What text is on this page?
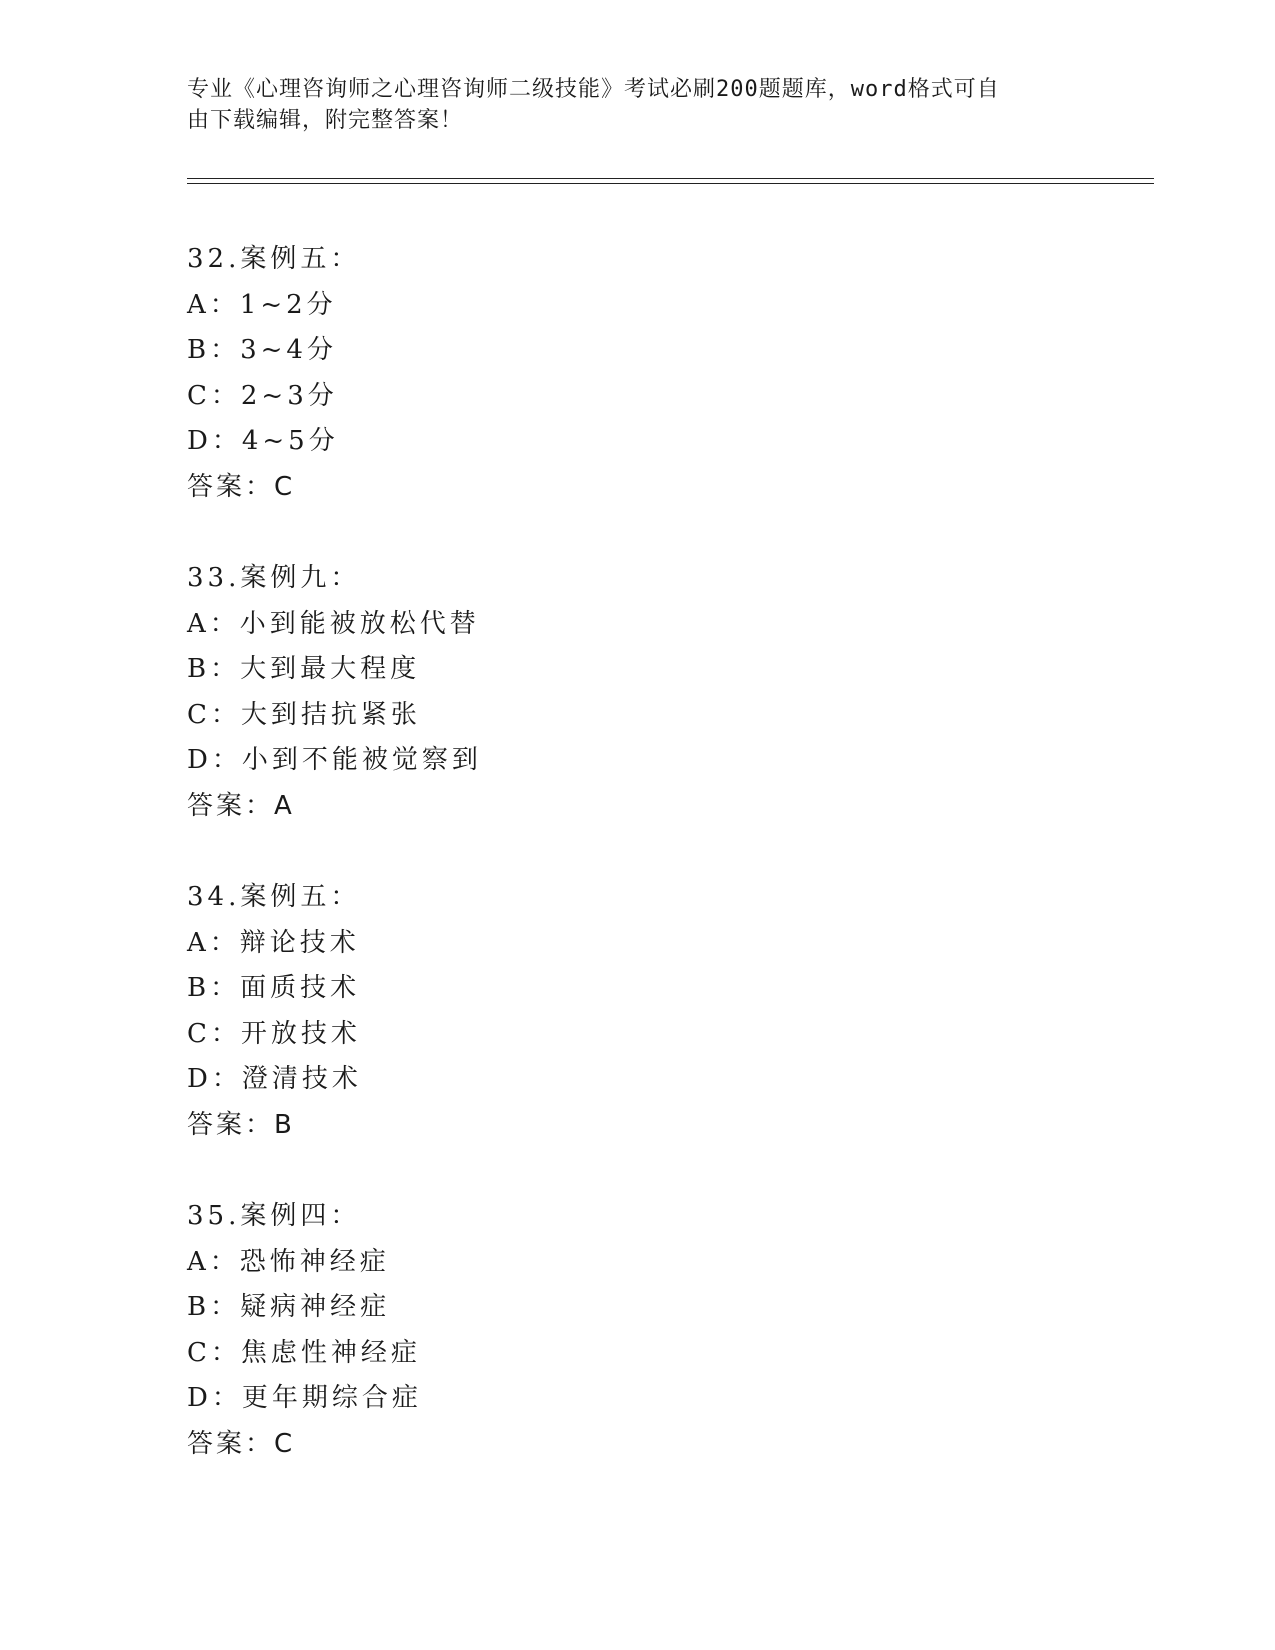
专业《心理咨询师之心理咨询师二级技能》考试必刷200题题库，word格式可自
由下载编辑，附完整答案！
32.案例五：
A：1~2分
B：3~4分
C：2~3分
D：4~5分
答案：C
33.案例九：
A：小到能被放松代替
B：大到最大程度
C：大到拮抗紧张
D：小到不能被觉察到
答案：A
34.案例五：
A：辩论技术
B：面质技术
C：开放技术
D：澄清技术
答案：B
35.案例四：
A：恐怖神经症
B：疑病神经症
C：焦虑性神经症
D：更年期综合症
答案：C
